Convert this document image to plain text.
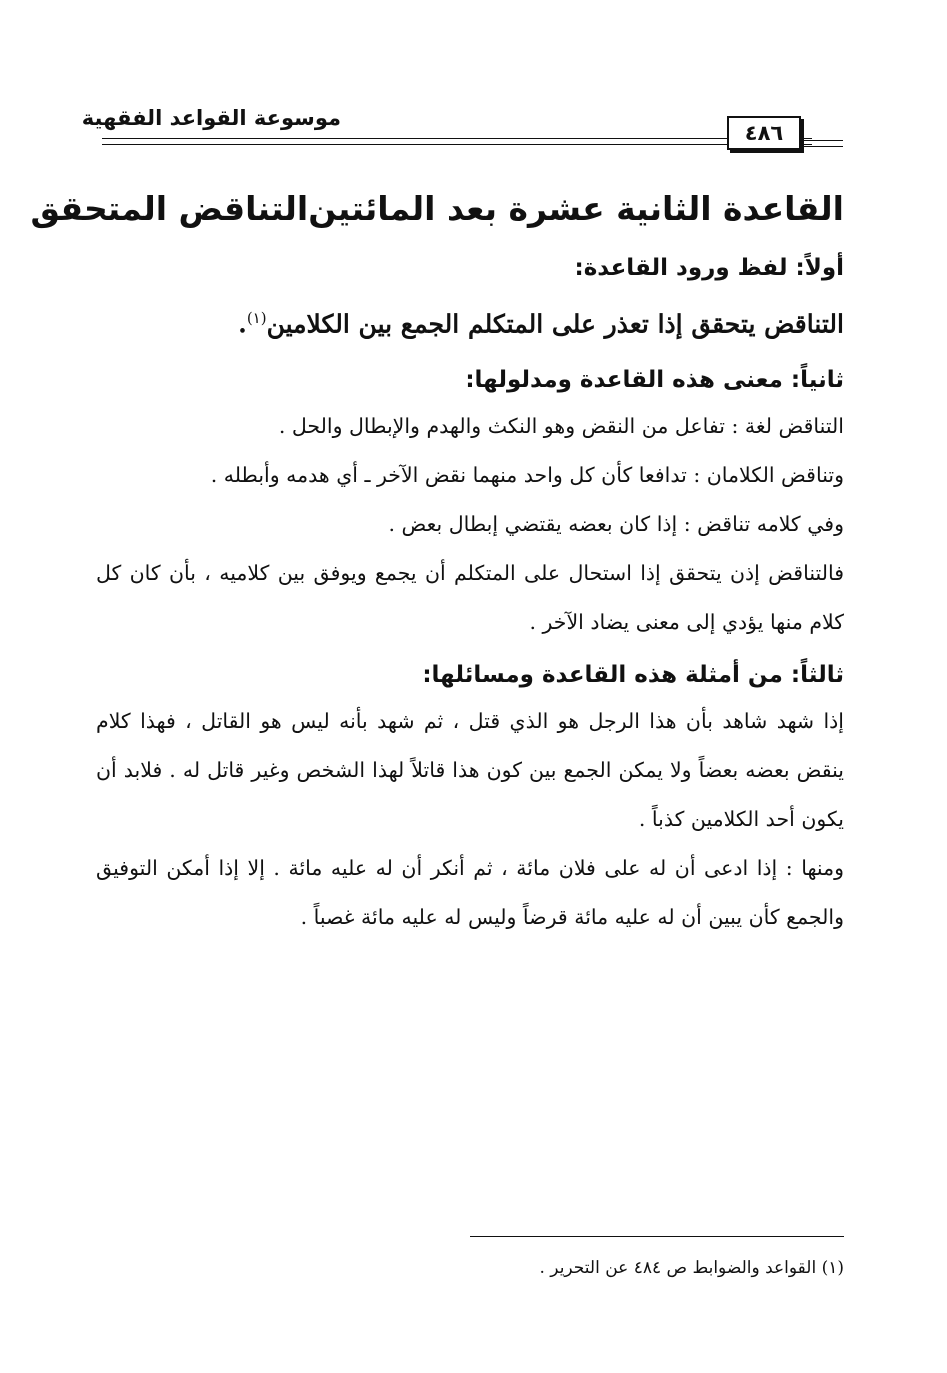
موسوعة القواعد الفقهية
٤٨٦
القاعدة الثانية عشرة بعد المائتين
التناقض المتحقق
أولاً: لفظ ورود القاعدة:
التناقض يتحقق إذا تعذر على المتكلم الجمع بين الكلامين$^{(١)}$.
ثانياً: معنى هذه القاعدة ومدلولها:

التناقض لغة : تفاعل من النقض وهو النكث والهدم والإبطال والحل .

وتناقض الكلامان : تدافعا كأن كل واحد منهما نقض الآخر ـ أي هدمه وأبطله .

وفي كلامه تناقض : إذا كان بعضه يقتضي إبطال بعض .

فالتناقض إذن يتحقق إذا استحال على المتكلم أن يجمع ويوفق بين كلاميه ، بأن كان كل كلام منها يؤدي إلى معنى يضاد الآخر .

ثالثاً: من أمثلة هذه القاعدة ومسائلها:

إذا شهد شاهد بأن هذا الرجل هو الذي قتل ، ثم شهد بأنه ليس هو القاتل ، فهذا كلام ينقض بعضه بعضاً ولا يمكن الجمع بين كون هذا قاتلاً لهذا الشخص وغير قاتل له . فلابد أن يكون أحد الكلامين كذباً .

ومنها : إذا ادعى أن له على فلان مائة ، ثم أنكر أن له عليه مائة . إلا إذا أمكن التوفيق والجمع كأن يبين أن له عليه مائة قرضاً وليس له عليه مائة غصباً .

(١) القواعد والضوابط ص ٤٨٤ عن التحرير .
